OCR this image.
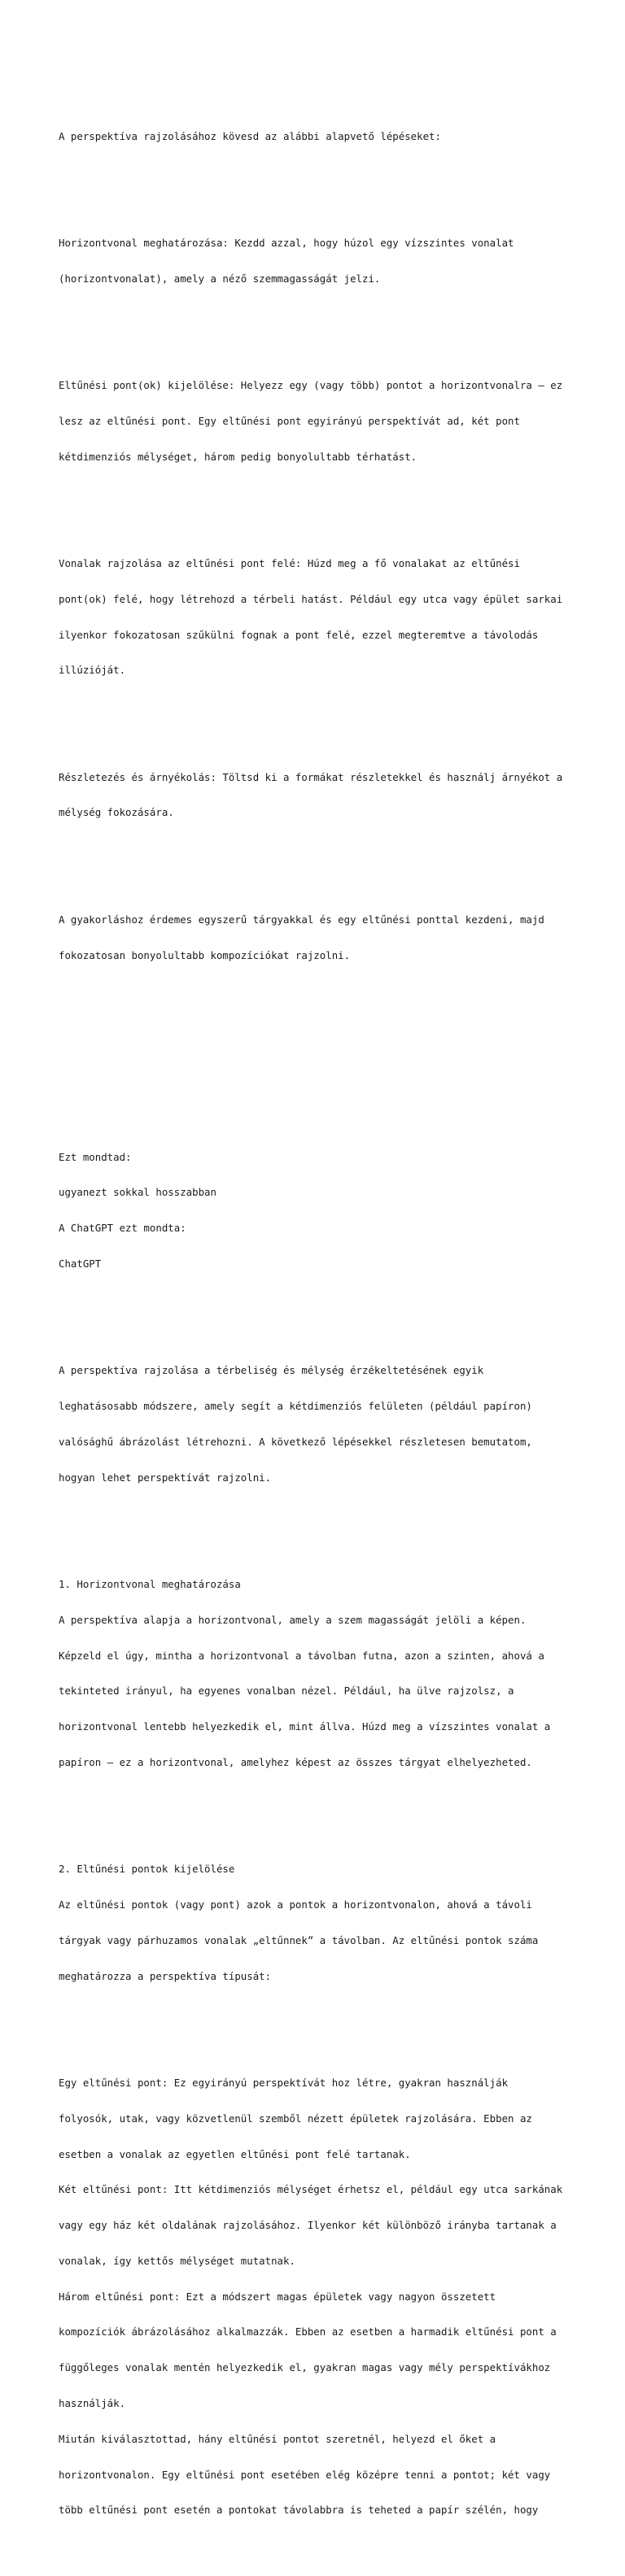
A perspektíva rajzolásához kövesd az alábbi alapvető lépéseket:

Horizontvonal meghatározása: Kezdd azzal, hogy húzol egy vízszintes vonalat

(horizontvonalat), amely a néző szemmagasságát jelzi.

Eltűnési pont(ok) kijelölése: Helyezz egy (vagy több) pontot a horizontvonalra – ez

lesz az eltűnési pont. Egy eltűnési pont egyirányú perspektívát ad, két pont

kétdimenziós mélységet, három pedig bonyolultabb térhatást.

Vonalak rajzolása az eltűnési pont felé: Húzd meg a fő vonalakat az eltűnési

pont(ok) felé, hogy létrehozd a térbeli hatást. Például egy utca vagy épület sarkai

ilyenkor fokozatosan szűkülni fognak a pont felé, ezzel megteremtve a távolodás

illúzióját.

Részletezés és árnyékolás: Töltsd ki a formákat részletekkel és használj árnyékot a

mélység fokozására.

A gyakorláshoz érdemes egyszerű tárgyakkal és egy eltűnési ponttal kezdeni, majd

fokozatosan bonyolultabb kompozíciókat rajzolni.

Ezt mondtad:

ugyanezt sokkal hosszabban

A ChatGPT ezt mondta:

ChatGPT

A perspektíva rajzolása a térbeliség és mélység érzékeltetésének egyik

leghatásosabb módszere, amely segít a kétdimenziós felületen (például papíron)

valósághű ábrázolást létrehozni. A következő lépésekkel részletesen bemutatom,

hogyan lehet perspektívát rajzolni.

1. Horizontvonal meghatározása

A perspektíva alapja a horizontvonal, amely a szem magasságát jelöli a képen.

Képzeld el úgy, mintha a horizontvonal a távolban futna, azon a szinten, ahová a

tekinteted irányul, ha egyenes vonalban nézel. Például, ha ülve rajzolsz, a

horizontvonal lentebb helyezkedik el, mint állva. Húzd meg a vízszintes vonalat a

papíron – ez a horizontvonal, amelyhez képest az összes tárgyat elhelyezheted.

2. Eltűnési pontok kijelölése

Az eltűnési pontok (vagy pont) azok a pontok a horizontvonalon, ahová a távoli

tárgyak vagy párhuzamos vonalak „eltűnnek” a távolban. Az eltűnési pontok száma

meghatározza a perspektíva típusát:

Egy eltűnési pont: Ez egyirányú perspektívát hoz létre, gyakran használják

folyosók, utak, vagy közvetlenül szemből nézett épületek rajzolására. Ebben az

esetben a vonalak az egyetlen eltűnési pont felé tartanak.

Két eltűnési pont: Itt kétdimenziós mélységet érhetsz el, például egy utca sarkának

vagy egy ház két oldalának rajzolásához. Ilyenkor két különböző irányba tartanak a

vonalak, így kettős mélységet mutatnak.

Három eltűnési pont: Ezt a módszert magas épületek vagy nagyon összetett

kompozíciók ábrázolásához alkalmazzák. Ebben az esetben a harmadik eltűnési pont a

függőleges vonalak mentén helyezkedik el, gyakran magas vagy mély perspektívákhoz

használják.

Miután kiválasztottad, hány eltűnési pontot szeretnél, helyezd el őket a

horizontvonalon. Egy eltűnési pont esetében elég középre tenni a pontot; két vagy

több eltűnési pont esetén a pontokat távolabbra is teheted a papír szélén, hogy
